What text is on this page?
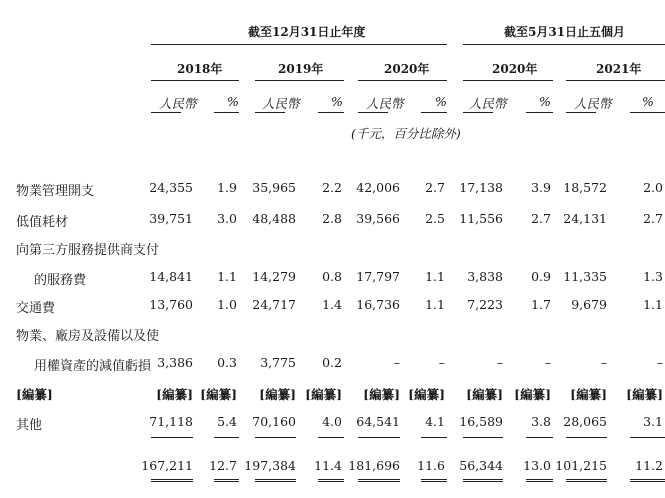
截至12月31日止年度	截至5月31日止五個月
2018年	2019年	2020年	2020年	2021年
人民幣 % 人民幣	% 人民幣	% 人民幣	% 人民幣 %
(千元，百分比除外)
物業管理開支	24,355	1.9	35,965	2.2	42,006	2.7	17,138	3.9 18,572	2.0
低值耗材	39,751	3.0	48,488	2.8	39,566	2.5	11,556	2.7 24,131	2.7
向第三方服務提供商支付
的服務費	14,841	1.1	14,279	0.8	17,797	1.1	3,838	0.9 11,335	1.3
交通費	13,760	1.0	24,717	1.4	16,736	1.1	7,223	1.7	9,679	1.1
物業、廠房及設備以及使
用權資產的減值虧損 3,386	0.3	3,775	0.2	–	–	–	–	–	–
[編纂]	[編纂] [編纂]	[編纂] [編纂]	[編纂] [編纂]	[編纂] [編纂]	[編纂] [編纂]
其他	71,118	5.4	70,160	4.0	64,541	4.1	16,589	3.8 28,065	3.1
167,211	12.7 197,384	11.4 181,696	11.6	56,344	13.0 101,215	11.2
